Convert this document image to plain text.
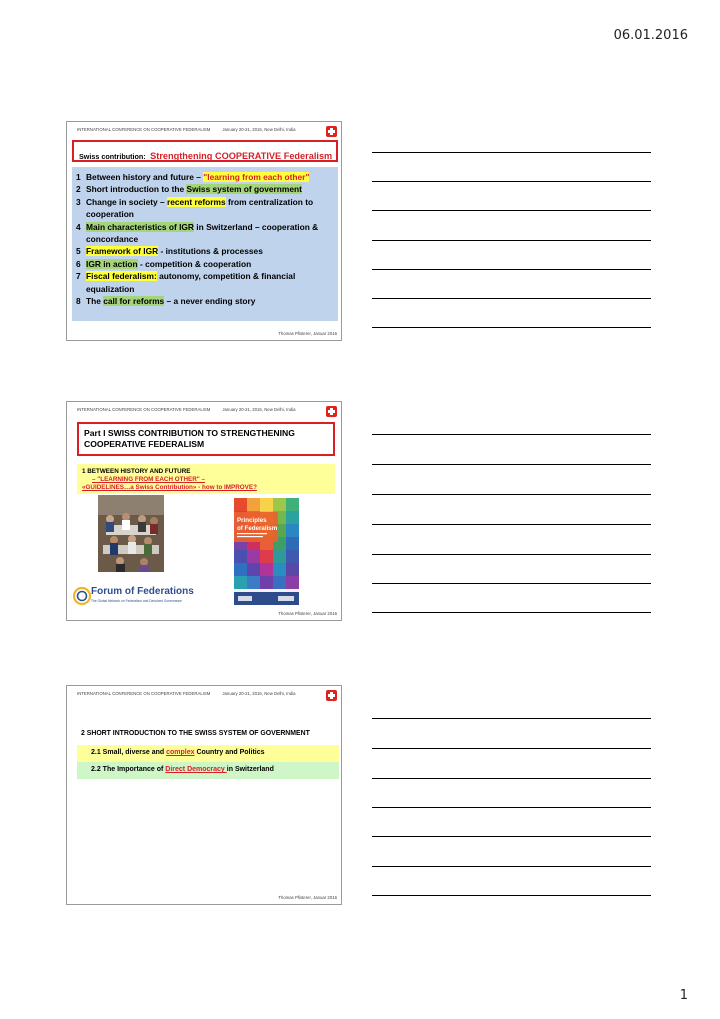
06.01.2016
INTERNATIONAL CONFERENCE ON COOPERATIVE FEDERALISM	January 20-21, 2016, New Delhi, India
Swiss contribution: Strengthening COOPERATIVE Federalism
1 Between history and future – "learning from each other"
2 Short introduction to the Swiss system of government
3 Change in society – recent reforms from centralization to
cooperation
4 Main characteristics of IGR in Switzerland – cooperation &
concordance
5 Framework of IGR - institutions & processes
6 IGR in action - competition & cooperation
7 Fiscal federalism: autonomy, competition & financial
equalization
8 The call for reforms – a never ending story
Thomas Pfisterer, Januar 2016
INTERNATIONAL CONFERENCE ON COOPERATIVE FEDERALISM	January 20-21, 2016, New Delhi, India
Part I SWISS CONTRIBUTION TO STRENGTHENING COOPERATIVE FEDERALISM
1 BETWEEN HISTORY AND FUTURE
– "LEARNING FROM EACH OTHER" –
«GUIDELINES…a Swiss Contribution» - how to IMPROVE?
Principles
of Federalism
Forum of Federations
The Global Network on Federalism and Devolved Governance
Thomas Pfisterer, Januar 2016
INTERNATIONAL CONFERENCE ON COOPERATIVE FEDERALISM	January 20-21, 2016, New Delhi, India
2 SHORT INTRODUCTION TO THE SWISS SYSTEM OF GOVERNMENT
2.1 Small, diverse and complex Country and Politics
2.2 The Importance of Direct Democracy in Switzerland
Thomas Pfisterer, Januar 2016
1
